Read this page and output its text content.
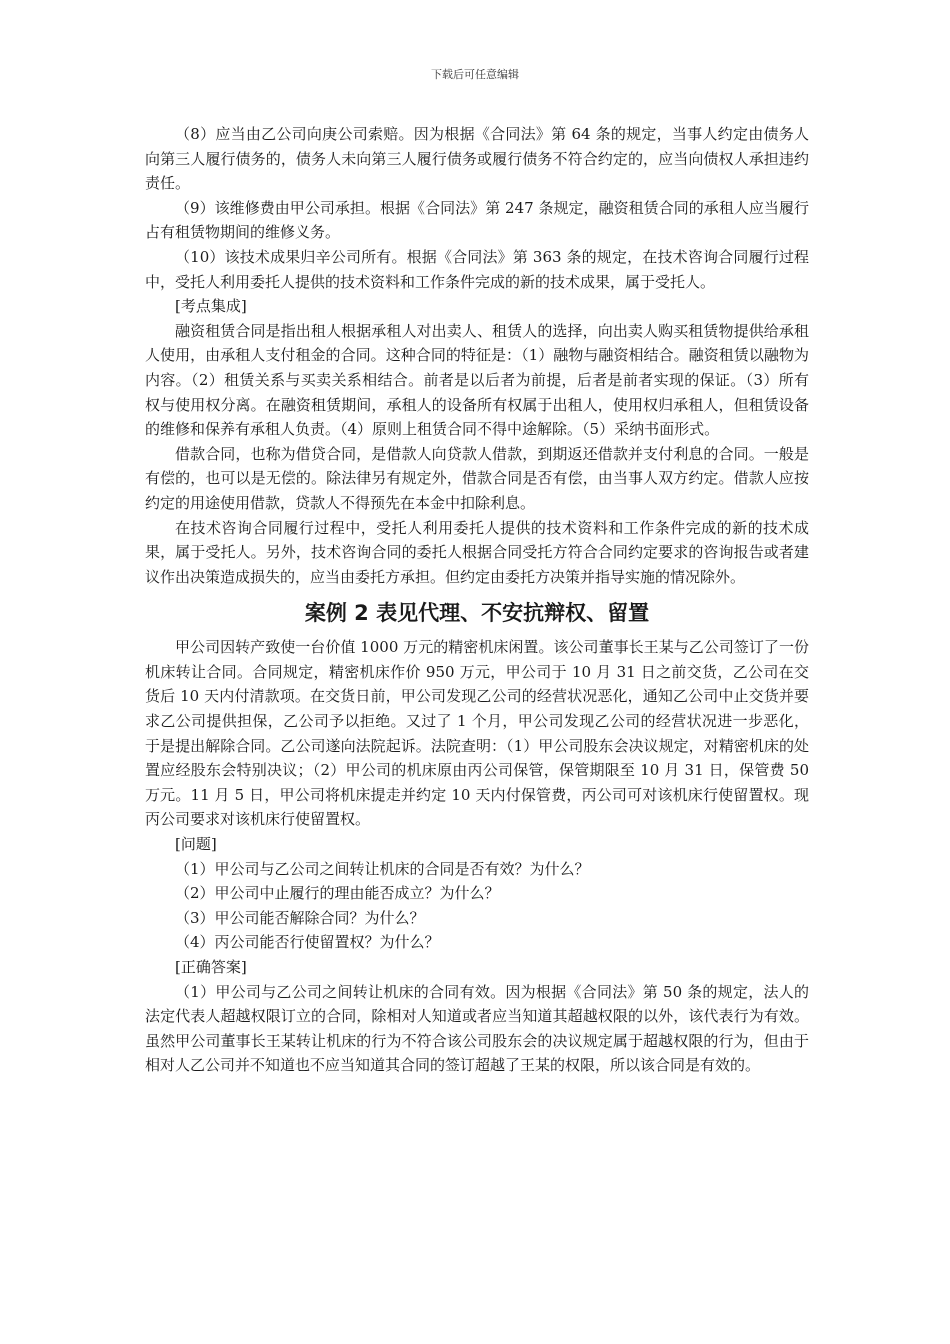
下载后可任意编辑

（8）应当由乙公司向庚公司索赔。因为根据《合同法》第 64 条的规定，当事人约定由债务人向第三人履行债务的，债务人未向第三人履行债务或履行债务不符合约定的，应当向债权人承担违约责任。

（9）该维修费由甲公司承担。根据《合同法》第 247 条规定，融资租赁合同的承租人应当履行占有租赁物期间的维修义务。

（10）该技术成果归辛公司所有。根据《合同法》第 363 条的规定，在技术咨询合同履行过程中，受托人利用委托人提供的技术资料和工作条件完成的新的技术成果，属于受托人。

[考点集成]

融资租赁合同是指出租人根据承租人对出卖人、租赁人的选择，向出卖人购买租赁物提供给承租人使用，由承租人支付租金的合同。这种合同的特征是：（1）融物与融资相结合。融资租赁以融物为内容。（2）租赁关系与买卖关系相结合。前者是以后者为前提，后者是前者实现的保证。（3）所有权与使用权分离。在融资租赁期间，承租人的设备所有权属于出租人，使用权归承租人，但租赁设备的维修和保养有承租人负责。（4）原则上租赁合同不得中途解除。（5）采纳书面形式。

借款合同，也称为借贷合同，是借款人向贷款人借款，到期返还借款并支付利息的合同。一般是有偿的，也可以是无偿的。除法律另有规定外，借款合同是否有偿，由当事人双方约定。借款人应按约定的用途使用借款，贷款人不得预先在本金中扣除利息。

在技术咨询合同履行过程中，受托人利用委托人提供的技术资料和工作条件完成的新的技术成果，属于受托人。另外，技术咨询合同的委托人根据合同受托方符合合同约定要求的咨询报告或者建议作出决策造成损失的，应当由委托方承担。但约定由委托方决策并指导实施的情况除外。

案例 2 表见代理、不安抗辩权、留置

甲公司因转产致使一台价值 1000 万元的精密机床闲置。该公司董事长王某与乙公司签订了一份机床转让合同。合同规定，精密机床作价 950 万元，甲公司于 10 月 31 日之前交货，乙公司在交货后 10 天内付清款项。在交货日前，甲公司发现乙公司的经营状况恶化，通知乙公司中止交货并要求乙公司提供担保，乙公司予以拒绝。又过了 1 个月，甲公司发现乙公司的经营状况进一步恶化，于是提出解除合同。乙公司遂向法院起诉。法院查明：（1）甲公司股东会决议规定，对精密机床的处置应经股东会特别决议；（2）甲公司的机床原由丙公司保管，保管期限至 10 月 31 日，保管费 50 万元。11 月 5 日，甲公司将机床提走并约定 10 天内付保管费，丙公司可对该机床行使留置权。现丙公司要求对该机床行使留置权。

[问题]

（1）甲公司与乙公司之间转让机床的合同是否有效？为什么？

（2）甲公司中止履行的理由能否成立？为什么？

（3）甲公司能否解除合同？为什么？

（4）丙公司能否行使留置权？为什么？

[正确答案]

（1）甲公司与乙公司之间转让机床的合同有效。因为根据《合同法》第 50 条的规定，法人的法定代表人超越权限订立的合同，除相对人知道或者应当知道其超越权限的以外，该代表行为有效。虽然甲公司董事长王某转让机床的行为不符合该公司股东会的决议规定属于超越权限的行为，但由于相对人乙公司并不知道也不应当知道其合同的签订超越了王某的权限，所以该合同是有效的。
